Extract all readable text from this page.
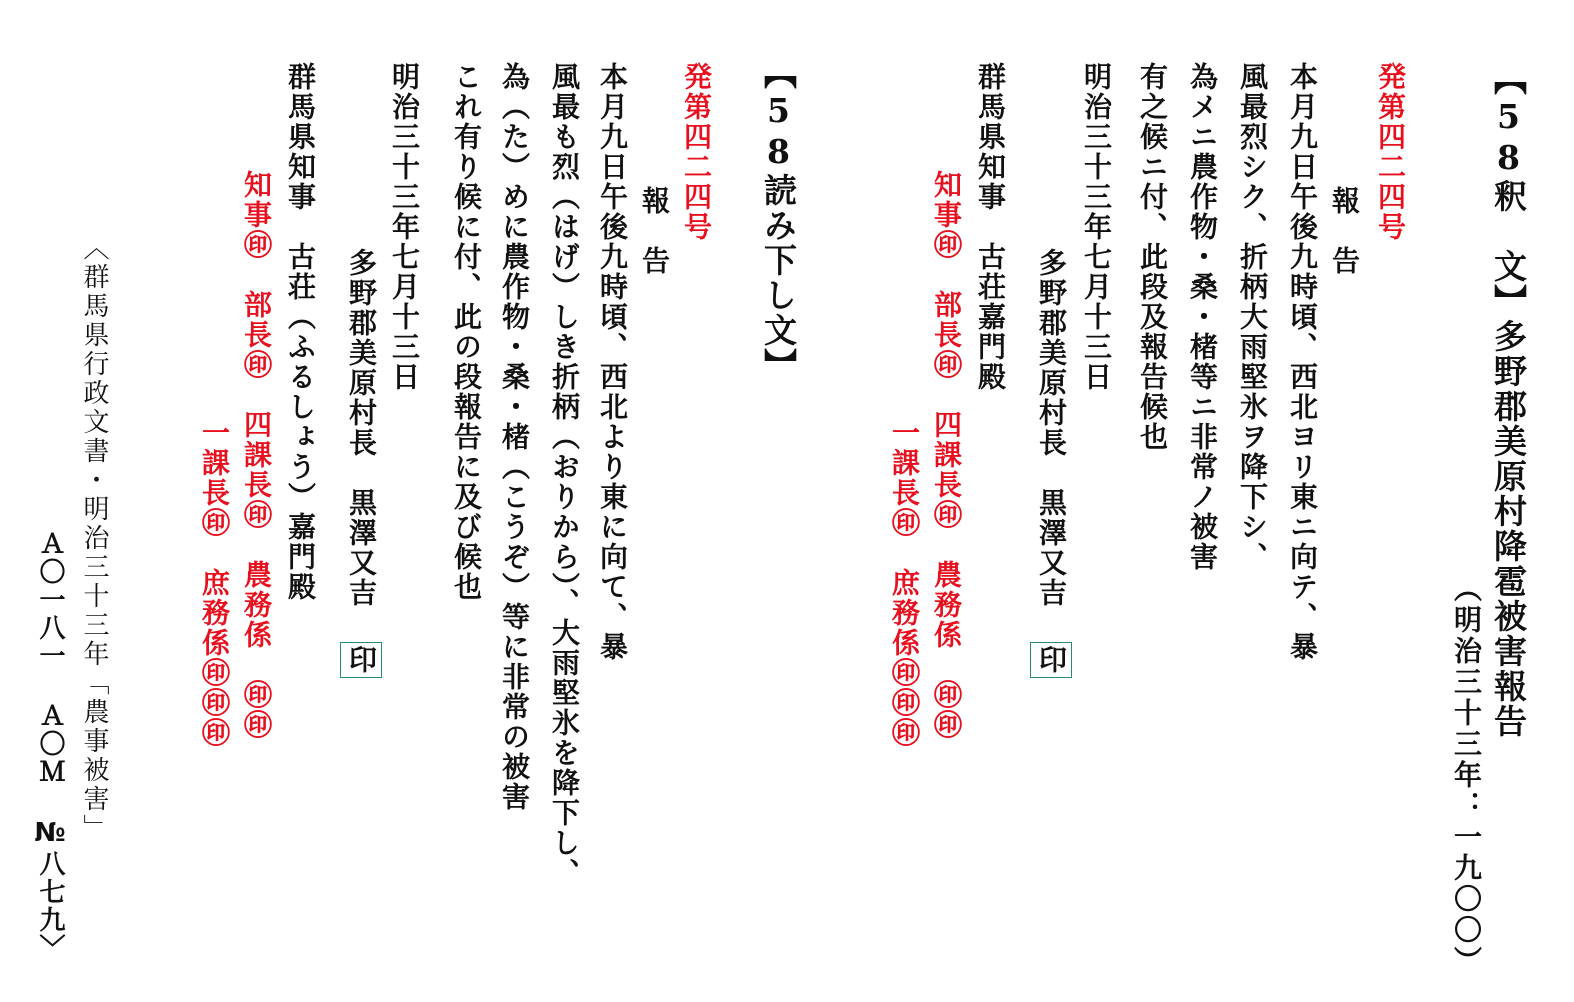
【58釈　文】多野郡美原村降雹被害報告
（明治三十三年：一九〇〇）
発第四二四号
報　告
本月九日午後九時頃、西北ヨリ東ニ向テ、暴
風最烈シク、折柄大雨堅氷ヲ降下シ、
為メニ農作物・桑・楮等ニ非常ノ被害
有之候ニ付、此段及報告候也
明治三十三年七月十三日
多野郡美原村長　黒澤又吉印
群馬県知事　古荘嘉門殿
知事㊞　部長㊞　四課長㊞　農務係　㊞㊞
一課長㊞　庶務係㊞㊞㊞
【58読み下し文】
発第四二四号
報　告
本月九日午後九時頃、西北より東に向て、暴
風最も烈（はげ）しき折柄（おりから）、大雨堅氷を降下し、
為（た）めに農作物・桑・楮（こうぞ）等に非常の被害
これ有り候に付、此の段報告に及び候也
明治三十三年七月十三日
多野郡美原村長　黒澤又吉印
群馬県知事　古荘（ふるしょう）嘉門殿
知事㊞　部長㊞　四課長㊞　農務係　㊞㊞
一課長㊞　庶務係㊞㊞㊞
〈群馬県行政文書・明治三十三年「農事被害」
Ａ〇一八一 Ａ〇Ｍ №八七九〉
